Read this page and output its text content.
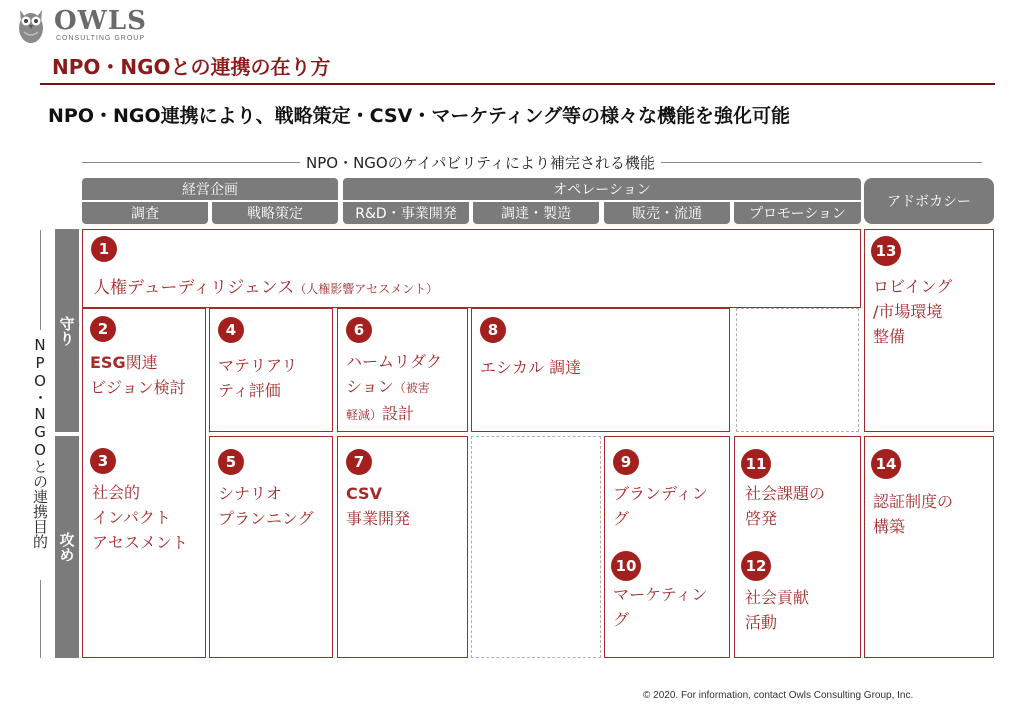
OWLS
CONSULTING GROUP
NPO・NGOとの連携の在り方
NPO・NGO連携により、戦略策定・CSV・マーケティング等の様々な機能を強化可能
NPO・NGOのケイパビリティにより補完される機能
経営企画	オペレーション
アドボカシー
調査	戦略策定	R&D・事業開発	調達・製造	販売・流通	プロモーション
NPO・NGOとの連携目的
守り
攻め
1
人権デューディリジェンス（人権影響アセスメント）
2
ESG関連
ビジョン検討
3
社会的
インパクト
アセスメント
4
マテリアリ
ティ評価
5
シナリオ
プランニング
6
ハームリダク
ション（被害
軽減）設計
7
CSV
事業開発
8
エシカル 調達
9
ブランディン
グ
10
マーケティン
グ
11
社会課題の
啓発
12
社会貢献
活動
13
ロビイング
/市場環境
整備
14
認証制度の
構築
© 2020. For information, contact Owls Consulting Group, Inc.
